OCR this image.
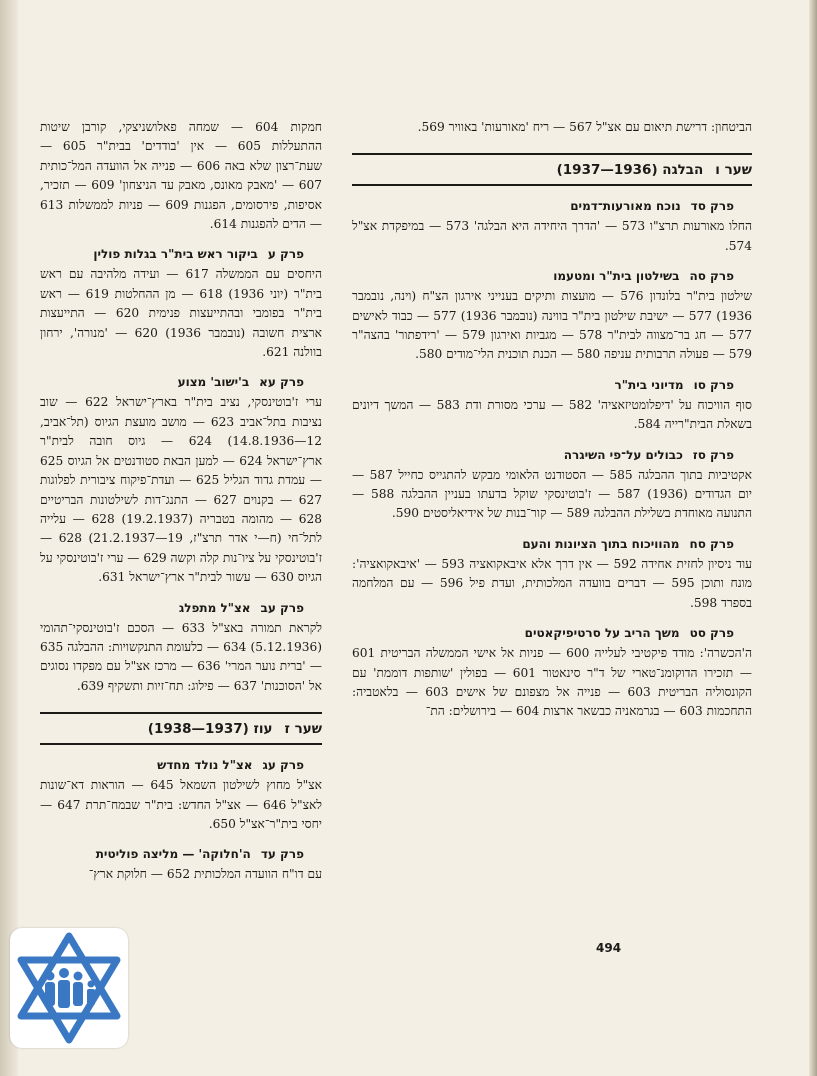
הביטחון: דרישת תיאום עם אצ"ל 567 — ריח 'מאורעות' באוויר 569.

שער והבלגה (1936—1937)
פרק סדנוכח מאורעות־דמים

החלו מאורעות תרצ"ו 573 — 'הדרך היחידה היא הבלגה' 573 — במיפקדת אצ"ל 574.

פרק סהבשילטון בית"ר ומטעמו

שילטון בית"ר בלונדון 576 — מועצות ותיקים בענייני אירגון הצ"ח (וינה, נובמבר 1936) 577 — ישיבת שילטון בית"ר בווינה (נובמבר 1936) 577 — כבוד לאישים 577 — חג בר־מצווה לבית"ר 578 — מגביות ואירגון 579 — 'רידפתור' בהצה"ר 579 — פעולה תרבותית עניפה 580 — הכנת תוכנית הלי־מודים 580.

פרק סומדיוני בית"ר

סוף הוויכוח על 'דיפלומטיזאציה' 582 — ערכי מסורת ודת 583 — המשך דיונים בשאלת הבית"רייה 584.

פרק סזכבולים על־פי השיגרה

אקטיביות בתוך ההבלגה 585 — הסטודנט הלאומי מבקש להתגייס כחייל 587 — יום הגדודים (1936) 587 — ז'בוטינסקי שוקל בדעתו בעניין ההבלגה 588 — התנועה מאוחדת בשלילת ההבלגה 589 — קור־בנות של אידיאליסטים 590.

פרק סחמהוויכוח בתוך הציונות והעם

עוד ניסיון לחזית אחידה 592 — אין דרך אלא איבאקואציה 593 — 'איבאקואציה': מונח ותוכן 595 — דברים בוועדה המלכותית, ועדת פיל 596 — עם המלחמה בספרד 598.

פרק סטמשך הריב על סרטיפיקאטים

ה'הכשרה': מודד פיקטיבי לעלייה 600 — פניות אל אישי הממשלה הבריטית 601 — תזכירו הדוקומנ־טארי של ד"ר סינאטור 601 — בפולין 'שותפות דוממת' עם הקונסוליה הבריטית 603 — פנייה אל מצפונם של אישים 603 — בלאטביה: התחכמות 603 — בגרמאניה כבשאר ארצות 604 — בירושלים: הת־

חמקות 604 — שמחה פאלושניצקי, קורבן שיטות ההתעללות 605 — אין 'בודדים' בבית"ר 605 — שעת־רצון שלא באה 606 — פנייה אל הוועדה המל־כותית 607 — 'מאבק מאונס, מאבק עד הניצחון' 609 — תזכיר, אסיפות, פירסומים, הפגנות 609 — פניות לממשלות 613 — הדים להפגנות 614.

פרק עביקור ראש בית"ר בגלות פולין

היחסים עם הממשלה 617 — ועידה מלהיבה עם ראש בית"ר (יוני 1936) 618 — מן ההחלטות 619 — ראש בית"ר בפומבי ובהתייעצות פנימית 620 — התייעצות ארצית חשובה (נובמבר 1936) 620 — 'מנורה', ירחון בוולנה 621.

פרק עאב'ישוב' מצוע

ערי ז'בוטינסקי, נציב בית"ר בארץ־ישראל 622 — שוב נציבות בתל־אביב 623 — מושב מועצת הגיוס (תל־אביב, 12—14.8.1936) 624 — גיוס חובה לבית"ר ארץ־ישראל 624 — למען הבאת סטודנטים אל הגיוס 625 — עמדת גדוד הגליל 625 — ועדת־פיקוח ציבורית לפלוגות 627 — בקנוים 627 — התנג־דות לשילטונות הבריטיים 628 — מהומה בטבריה (19.2.1937) 628 — עלייה לתל־חי (ח—י אדר תרצ"ז, 19—21.2.1937) 628 — ז'בוטינסקי על ציו־נות קלה וקשה 629 — ערי ז'בוטינסקי על הגיוס 630 — עשור לבית"ר ארץ־ישראל 631.

פרק עבאצ"ל מתפלג

לקראת תמורה באצ"ל 633 — הסכם ז'בוטינסקי־תהומי (5.12.1936) 634 — כלעומת התנקשויות: ההבלגה 635 — 'ברית נוער המרי' 636 — מרכז אצ"ל עם מפקדו נסוגים אל 'הסוכנות' 637 — פילוג: תח־זיות ותשקיף 639.

שער זעוז (1937—1938)
פרק עגאצ"ל נולד מחדש

אצ"ל מחוץ לשילטון השמאל 645 — הוראות דא־שונות לאצ"ל 646 — אצ"ל החדש: בית"ר שבמח־תרת 647 — יחסי בית"ר־אצ"ל 650.

פרק עדה'חלוקה' — מליצה פוליטית

עם דו"ח הוועדה המלכותית 652 — חלוקת ארץ־

494
